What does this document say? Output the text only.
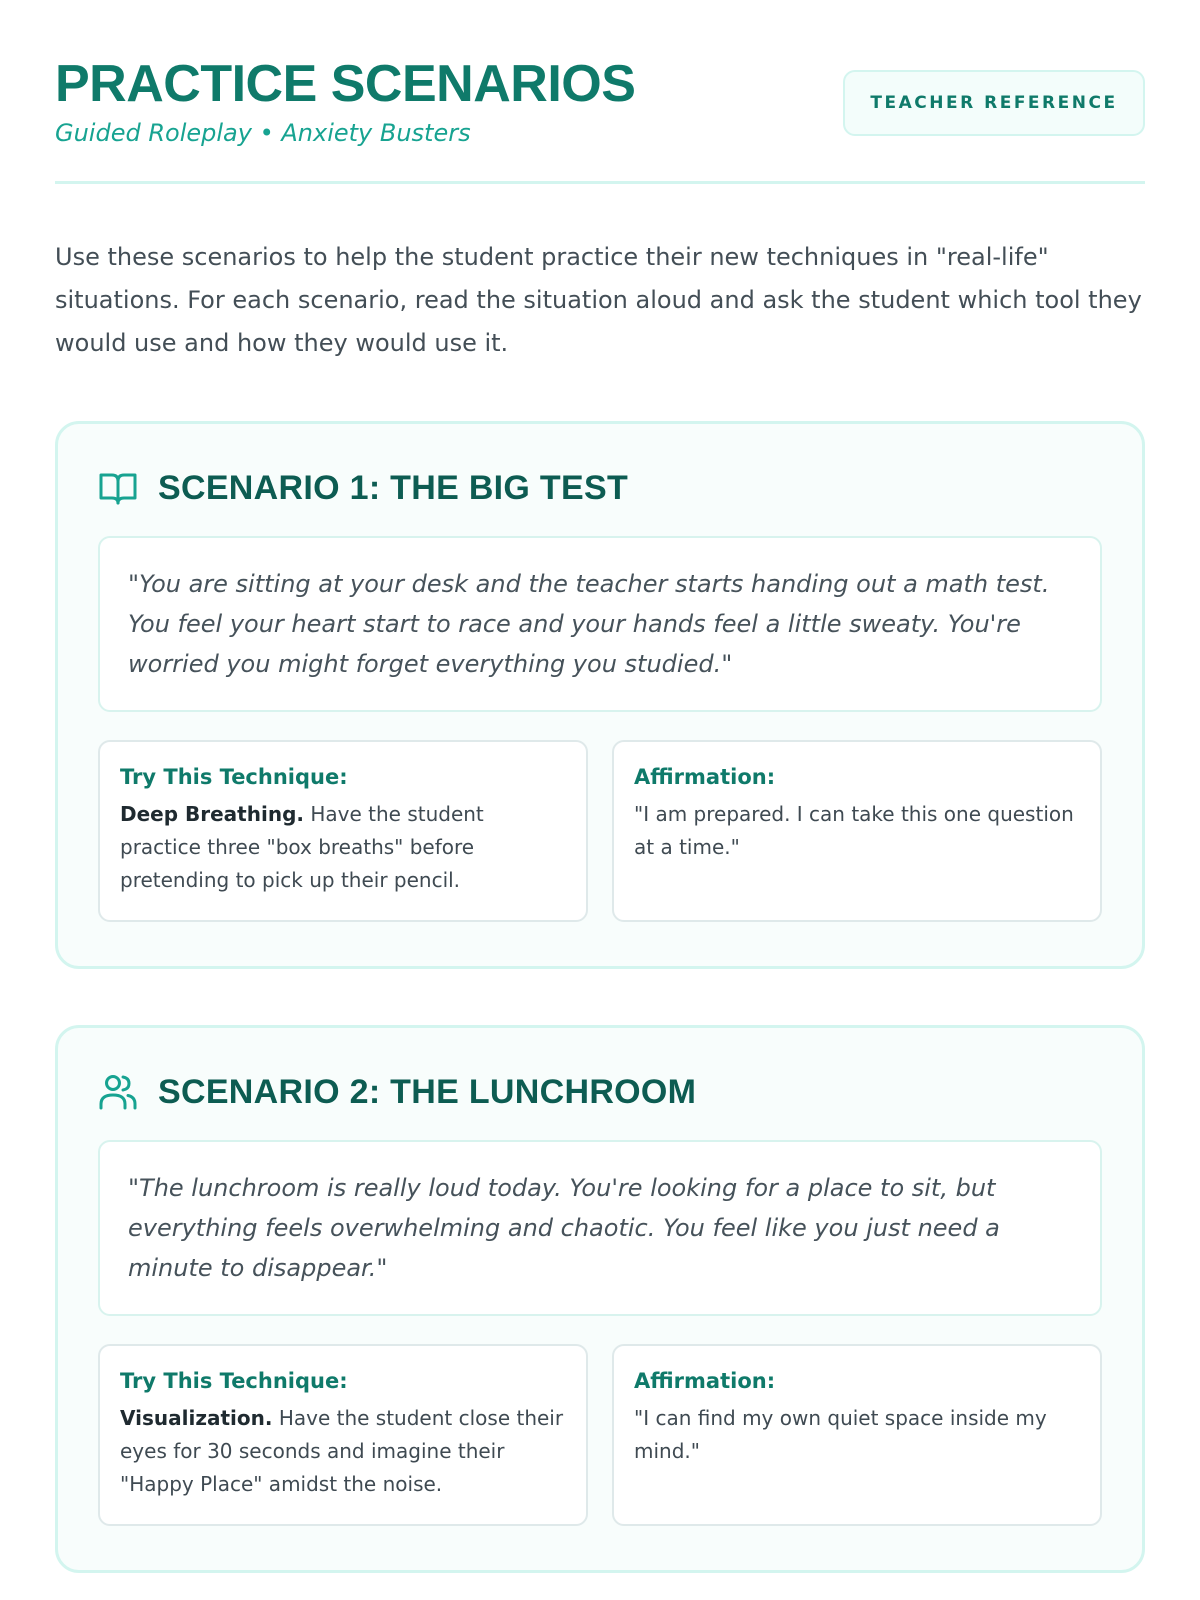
PRACTICE SCENARIOS
Guided Roleplay • Anxiety Busters
TEACHER REFERENCE

Use these scenarios to help the student practice their new techniques in "real-life" situations. For each scenario, read the situation aloud and ask the student which tool they would use and how they would use it.

SCENARIO 1: THE BIG TEST
"You are sitting at your desk and the teacher starts handing out a math test. You feel your heart start to race and your hands feel a little sweaty. You're worried you might forget everything you studied."
Try This Technique:
Deep Breathing. Have the student practice three "box breaths" before pretending to pick up their pencil.
Affirmation:
"I am prepared. I can take this one question at a time."
SCENARIO 2: THE LUNCHROOM
"The lunchroom is really loud today. You're looking for a place to sit, but everything feels overwhelming and chaotic. You feel like you just need a minute to disappear."
Try This Technique:
Visualization. Have the student close their eyes for 30 seconds and imagine their "Happy Place" amidst the noise.
Affirmation:
"I can find my own quiet space inside my mind."
